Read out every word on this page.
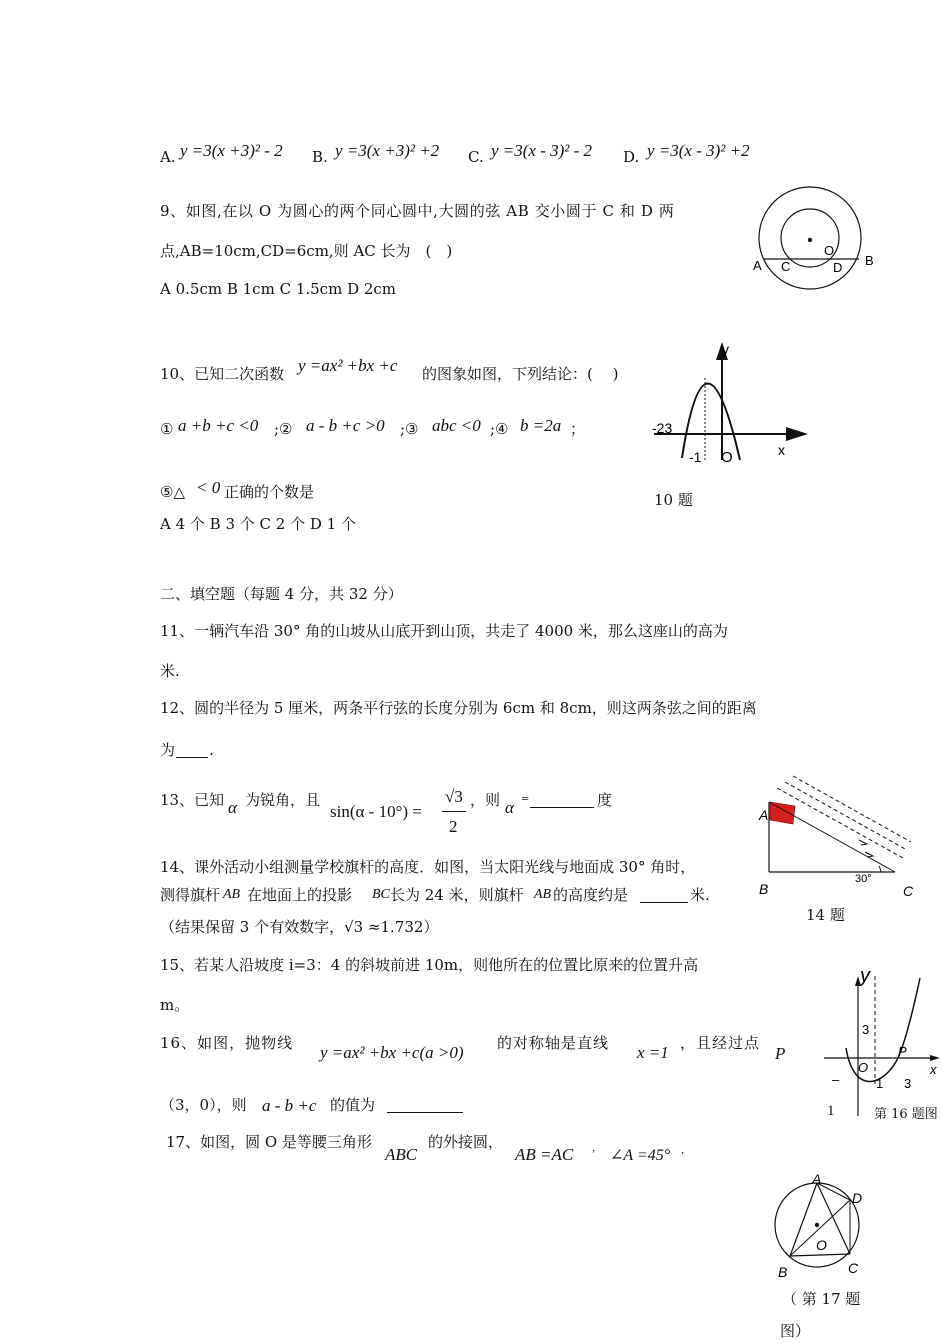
A. y =3(x +3)² - 2 B. y =3(x +3)² +2 C. y =3(x - 3)² - 2 D. y =3(x - 3)² +2
9、如图,在以 O 为圆心的两个同心圆中,大圆的弦 AB 交小圆于 C 和 D 两
点,AB=10cm,CD=6cm,则 AC 长为　(　)
A 0.5cm B 1cm C 1.5cm D 2cm
A C
O
D B
10、已知二次函数 y =ax² +bx +c 的图象如图，下列结论：(　 )
① a +b +c <0 ;② a - b +c >0 ;③ abc <0 ;④ b =2a ；
⑤△ < 0 正确的个数是
A 4 个 B 3 个 C 2 个 D 1 个
y
x
-23
-1 O
10 题
二、填空题（每题 4 分，共 32 分）
11、一辆汽车沿 30° 角的山坡从山底开到山顶，共走了 4000 米，那么这座山的高为
米.
12、圆的半径为 5 厘米，两条平行弦的长度分别为 6cm 和 8cm，则这两条弦之间的距离
为 .
13、已知 α 为锐角，且
sin(α - 10°) =
√3
2
，则 α =	度
14、课外活动小组测量学校旗杆的高度．如图，当太阳光线与地面成 30° 角时，
测得旗杆 AB 在地面上的投影 BC 长为 24 米，则旗杆 AB 的高度约是	米.
（结果保留 3 个有效数字，√3 ≈1.732）
A
B	C
30°
14 题
15、若某人沿坡度 i=3：4 的斜坡前进 10m，则他所在的位置比原来的位置升高
m。
16、如图，抛物线 y =ax² +bx +c(a >0) 的对称轴是直线 x =1 ，且经过点
P
（3，0），则 a - b +c 的值为
y
x
3
P
O
–	1 3
1	第 16 题图
17、如图，圆 O 是等腰三角形
ABC
的外接圆，
AB =AC ， ∠A =45° ，
A
D
O
B	C
（ 第 17 题
图）
